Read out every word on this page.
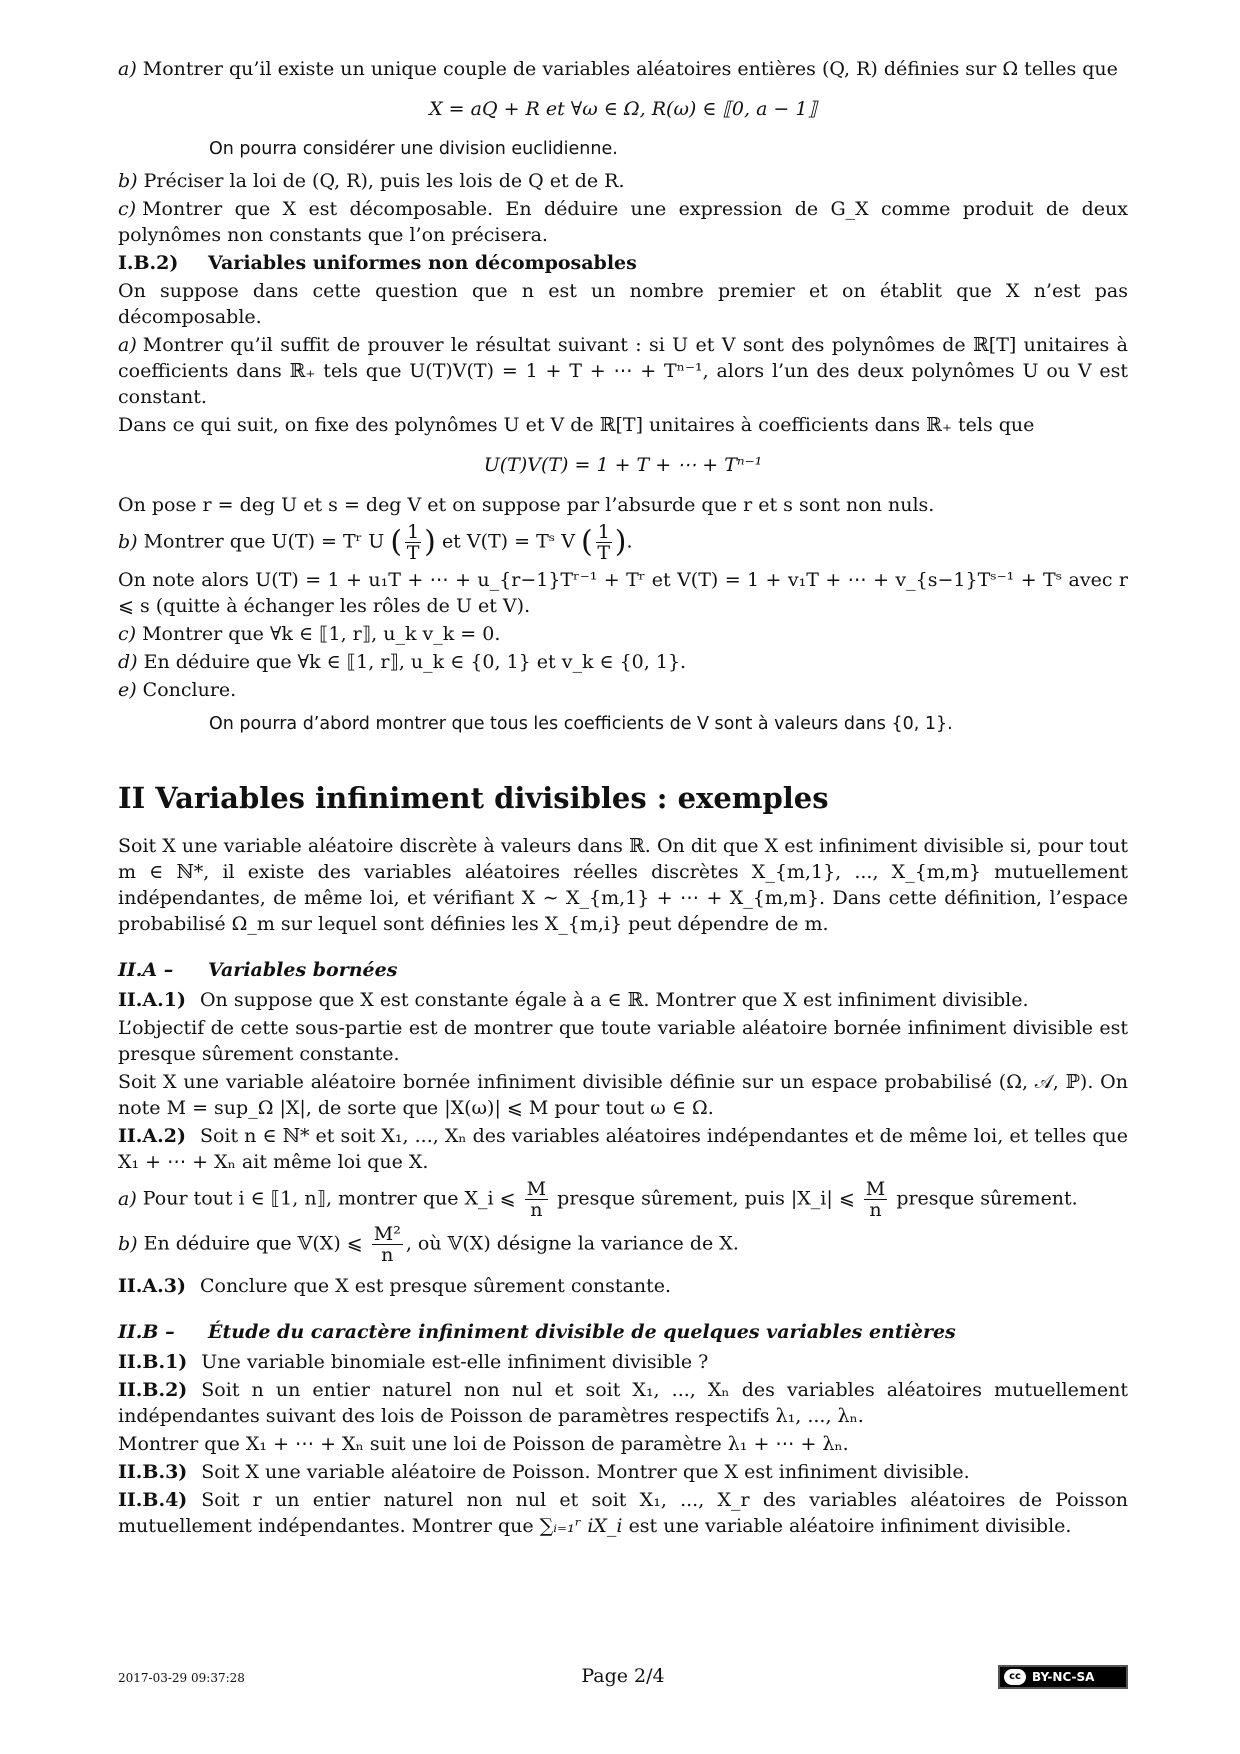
a) Montrer qu’il existe un unique couple de variables aléatoires entières (Q, R) définies sur Ω telles que

X = aQ + R et ∀ω ∈ Ω, R(ω) ∈ ⟦0, a − 1⟧
On pourra considérer une division euclidienne.

b) Préciser la loi de (Q, R), puis les lois de Q et de R.

c) Montrer que X est décomposable. En déduire une expression de G_X comme produit de deux polynômes non constants que l’on précisera.

I.B.2) Variables uniformes non décomposables

On suppose dans cette question que n est un nombre premier et on établit que X n’est pas décomposable.

a) Montrer qu’il suffit de prouver le résultat suivant : si U et V sont des polynômes de ℝ[T] unitaires à coefficients dans ℝ₊ tels que U(T)V(T) = 1 + T + ⋯ + Tⁿ⁻¹, alors l’un des deux polynômes U ou V est constant.

Dans ce qui suit, on fixe des polynômes U et V de ℝ[T] unitaires à coefficients dans ℝ₊ tels que

U(T)V(T) = 1 + T + ⋯ + Tⁿ⁻¹

On pose r = deg U et s = deg V et on suppose par l’absurde que r et s sont non nuls.

b) Montrer que U(T) = Tʳ U ( $\frac{1}{T}$ ) et V(T) = Tˢ V ( $\frac{1}{T}$ ).

On note alors U(T) = 1 + u₁T + ⋯ + u_{r−1}Tʳ⁻¹ + Tʳ et V(T) = 1 + v₁T + ⋯ + v_{s−1}Tˢ⁻¹ + Tˢ avec r ⩽ s (quitte à échanger les rôles de U et V).

c) Montrer que ∀k ∈ ⟦1, r⟧, u_k v_k = 0.

d) En déduire que ∀k ∈ ⟦1, r⟧, u_k ∈ {0, 1} et v_k ∈ {0, 1}.

e) Conclure.

On pourra d’abord montrer que tous les coefficients de V sont à valeurs dans {0, 1}.
II Variables infiniment divisibles : exemples

Soit X une variable aléatoire discrète à valeurs dans ℝ. On dit que X est infiniment divisible si, pour tout m ∈ ℕ*, il existe des variables aléatoires réelles discrètes X_{m,1}, ..., X_{m,m} mutuellement indépendantes, de même loi, et vérifiant X ∼ X_{m,1} + ⋯ + X_{m,m}. Dans cette définition, l’espace probabilisé Ω_m sur lequel sont définies les X_{m,i} peut dépendre de m.

II.A – Variables bornées

II.A.1) On suppose que X est constante égale à a ∈ ℝ. Montrer que X est infiniment divisible.

L’objectif de cette sous-partie est de montrer que toute variable aléatoire bornée infiniment divisible est presque sûrement constante.

Soit X une variable aléatoire bornée infiniment divisible définie sur un espace probabilisé (Ω, 𝒜, ℙ). On note M = sup_Ω |X|, de sorte que |X(ω)| ⩽ M pour tout ω ∈ Ω.

II.A.2) Soit n ∈ ℕ* et soit X₁, ..., Xₙ des variables aléatoires indépendantes et de même loi, et telles que X₁ + ⋯ + Xₙ ait même loi que X.

a) Pour tout i ∈ ⟦1, n⟧, montrer que X_i ⩽ $\frac{M}{n}$ presque sûrement, puis |X_i| ⩽ $\frac{M}{n}$ presque sûrement.

b) En déduire que 𝕍(X) ⩽ $\frac{\text{M²}}{n}$ , où 𝕍(X) désigne la variance de X.

II.A.3) Conclure que X est presque sûrement constante.

II.B – Étude du caractère infiniment divisible de quelques variables entières

II.B.1) Une variable binomiale est-elle infiniment divisible ?

II.B.2) Soit n un entier naturel non nul et soit X₁, ..., Xₙ des variables aléatoires mutuellement indépendantes suivant des lois de Poisson de paramètres respectifs λ₁, ..., λₙ.

Montrer que X₁ + ⋯ + Xₙ suit une loi de Poisson de paramètre λ₁ + ⋯ + λₙ.

II.B.3) Soit X une variable aléatoire de Poisson. Montrer que X est infiniment divisible.

II.B.4) Soit r un entier naturel non nul et soit X₁, ..., X_r des variables aléatoires de Poisson mutuellement indépendantes. Montrer que ∑ᵢ₌₁ʳ iX_i est une variable aléatoire infiniment divisible.

2017-03-29 09:37:28	Page 2/4	cc BY-NC-SA
